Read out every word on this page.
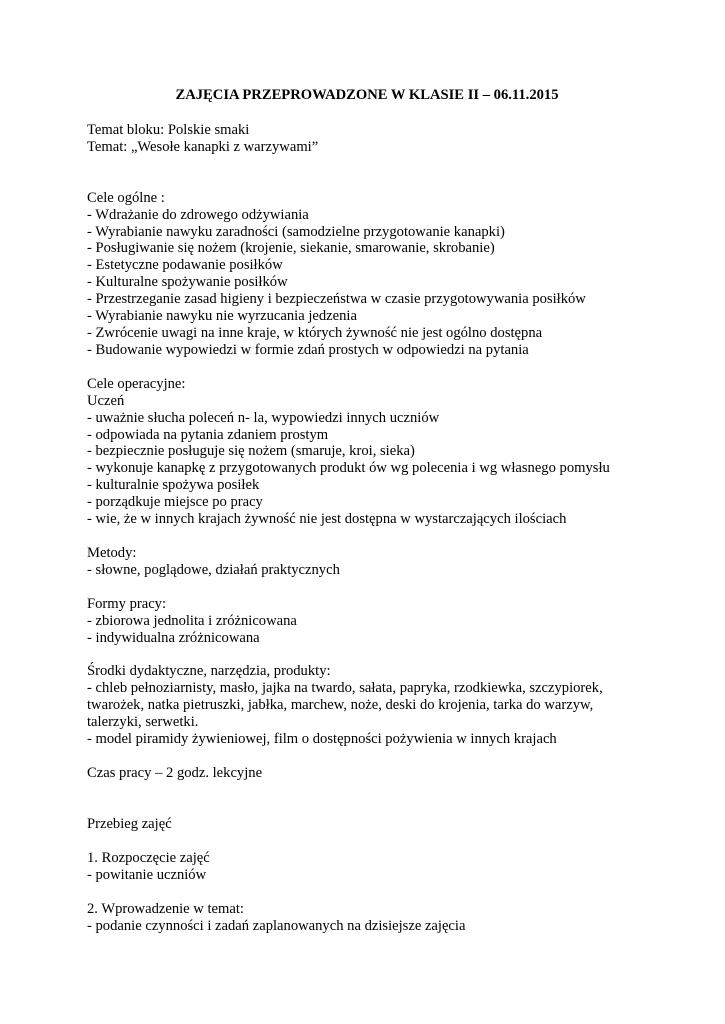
ZAJĘCIA PRZEPROWADZONE W KLASIE II – 06.11.2015
Temat bloku: Polskie smaki
Temat: „Wesołe kanapki z warzywami”
Cele ogólne :
- Wdrażanie do zdrowego odżywiania
- Wyrabianie nawyku zaradności (samodzielne przygotowanie kanapki)
- Posługiwanie się nożem (krojenie, siekanie, smarowanie, skrobanie)
- Estetyczne podawanie posiłków
- Kulturalne spożywanie posiłków
- Przestrzeganie zasad higieny i bezpieczeństwa w czasie przygotowywania posiłków
- Wyrabianie nawyku nie wyrzucania jedzenia
- Zwrócenie uwagi na inne kraje, w których żywność nie jest ogólno dostępna
- Budowanie wypowiedzi w formie zdań prostych w odpowiedzi na pytania
Cele operacyjne:
Uczeń
- uważnie słucha poleceń n- la, wypowiedzi innych uczniów
- odpowiada na pytania zdaniem prostym
- bezpiecznie posługuje się nożem (smaruje, kroi, sieka)
- wykonuje kanapkę z przygotowanych produkt ów wg polecenia i wg własnego pomysłu
- kulturalnie spożywa posiłek
- porządkuje miejsce po pracy
- wie, że w innych krajach żywność nie jest dostępna w wystarczających ilościach
Metody:
- słowne, poglądowe, działań praktycznych
Formy pracy:
- zbiorowa jednolita i zróżnicowana
- indywidualna zróżnicowana
Środki dydaktyczne, narzędzia, produkty:
- chleb pełnoziarnisty, masło, jajka na twardo, sałata, papryka, rzodkiewka, szczypiorek,
twarożek, natka pietruszki, jabłka, marchew, noże, deski do krojenia, tarka do warzyw,
talerzyki, serwetki.
- model piramidy żywieniowej, film o dostępności pożywienia w innych krajach
Czas pracy – 2 godz. lekcyjne
Przebieg zajęć
1. Rozpoczęcie zajęć
- powitanie uczniów
2. Wprowadzenie w temat:
- podanie czynności i zadań zaplanowanych na dzisiejsze zajęcia
